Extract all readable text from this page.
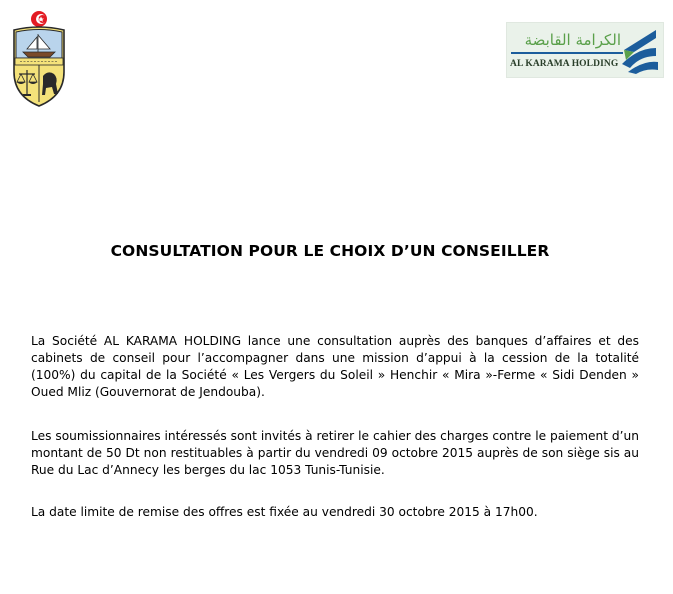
الكرامة القابضة
AL KARAMA HOLDING
CONSULTATION POUR LE CHOIX D’UN CONSEILLER

La Société AL KARAMA HOLDING lance une consultation auprès des banques d’affaires et des cabinets de conseil pour l’accompagner dans une mission d’appui à la cession de la totalité (100%) du capital de la Société « Les Vergers du Soleil » Henchir « Mira »-Ferme « Sidi Denden » Oued Mliz (Gouvernorat de Jendouba).

Les soumissionnaires intéressés sont invités à retirer le cahier des charges contre le paiement d’un montant de 50 Dt non restituables à partir du vendredi 09 octobre 2015 auprès de son siège sis au Rue du Lac d’Annecy les berges du lac 1053 Tunis-Tunisie.

La date limite de remise des offres est fixée au vendredi 30 octobre 2015 à 17h00.
